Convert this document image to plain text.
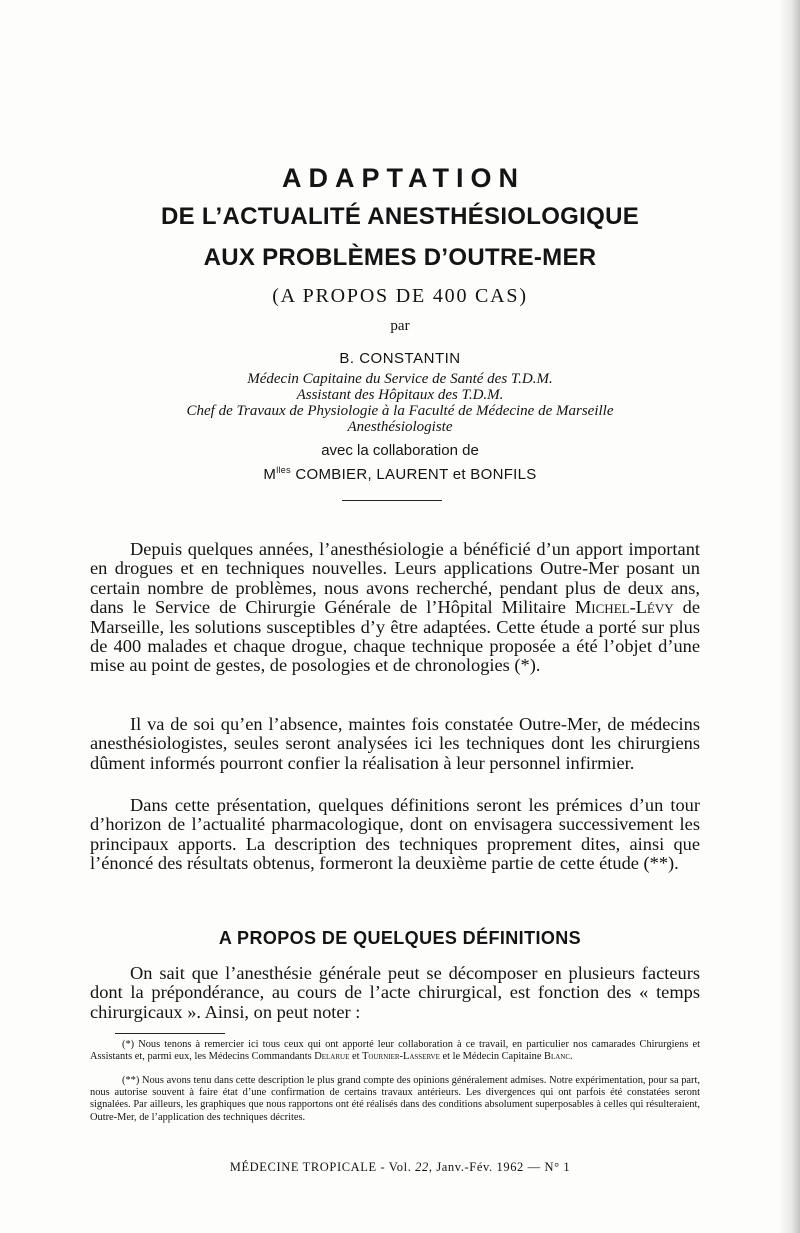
ADAPTATION
DE L’ACTUALITÉ ANESTHÉSIOLOGIQUE
AUX PROBLÈMES D’OUTRE-MER
(A PROPOS DE 400 CAS)
par
B. CONSTANTIN
Médecin Capitaine du Service de Santé des T.D.M.
Assistant des Hôpitaux des T.D.M.
Chef de Travaux de Physiologie à la Faculté de Médecine de Marseille
Anesthésiologiste
avec la collaboration de
$M^{lles}$ COMBIER, LAURENT et BONFILS

Depuis quelques années, l’anesthésiologie a bénéficié d’un apport important en drogues et en techniques nouvelles. Leurs applications Outre-Mer posant un certain nombre de problèmes, nous avons recherché, pendant plus de deux ans, dans le Service de Chirurgie Générale de l’Hôpital Militaire Michel-Lévy de Marseille, les solutions susceptibles d’y être adaptées. Cette étude a porté sur plus de 400 malades et chaque drogue, chaque technique proposée a été l’objet d’une mise au point de gestes, de posologies et de chronologies (*).

Il va de soi qu’en l’absence, maintes fois constatée Outre-Mer, de médecins anesthésiologistes, seules seront analysées ici les techniques dont les chirurgiens dûment informés pourront confier la réalisation à leur personnel infirmier.

Dans cette présentation, quelques définitions seront les prémices d’un tour d’horizon de l’actualité pharmacologique, dont on envisagera successivement les principaux apports. La description des techniques proprement dites, ainsi que l’énoncé des résultats obtenus, formeront la deuxième partie de cette étude (**).

A PROPOS DE QUELQUES DÉFINITIONS

On sait que l’anesthésie générale peut se décomposer en plusieurs facteurs dont la prépondérance, au cours de l’acte chirurgical, est fonction des « temps chirurgicaux ». Ainsi, on peut noter :

(*) Nous tenons à remercier ici tous ceux qui ont apporté leur collaboration à ce travail, en particulier nos camarades Chirurgiens et Assistants et, parmi eux, les Médecins Commandants Delarue et Tournier-Lasserve et le Médecin Capitaine Blanc.

(**) Nous avons tenu dans cette description le plus grand compte des opinions généralement admises. Notre expérimentation, pour sa part, nous autorise souvent à faire état d’une confirmation de certains travaux antérieurs. Les divergences qui ont parfois été constatées seront signalées. Par ailleurs, les graphiques que nous rapportons ont été réalisés dans des conditions absolument superposables à celles qui résulteraient, Outre-Mer, de l’application des techniques décrites.

MÉDECINE TROPICALE - Vol. 22, Janv.-Fév. 1962 — N° 1
